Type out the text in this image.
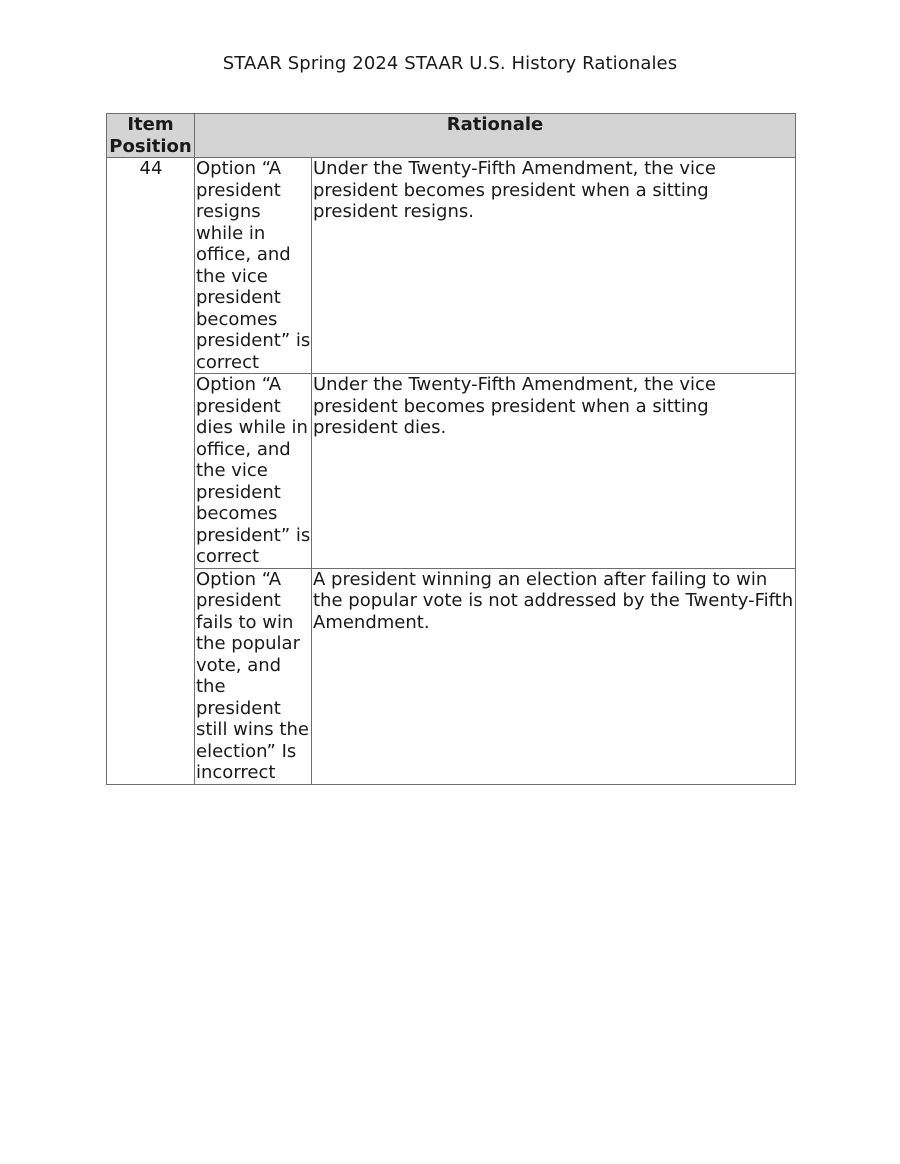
STAAR Spring 2024 STAAR U.S. History Rationales
Item Position	Rationale	
44	Option “A president resigns while in office, and the vice president becomes president” is correct	Under the Twenty-Fifth Amendment, the vice president becomes president when a sitting president resigns.
	Option “A president dies while in office, and the vice president becomes president” is correct	Under the Twenty-Fifth Amendment, the vice president becomes president when a sitting president dies.
	Option “A president fails to win the popular vote, and the president still wins the election” Is incorrect	A president winning an election after failing to win the popular vote is not addressed by the Twenty-Fifth Amendment.
